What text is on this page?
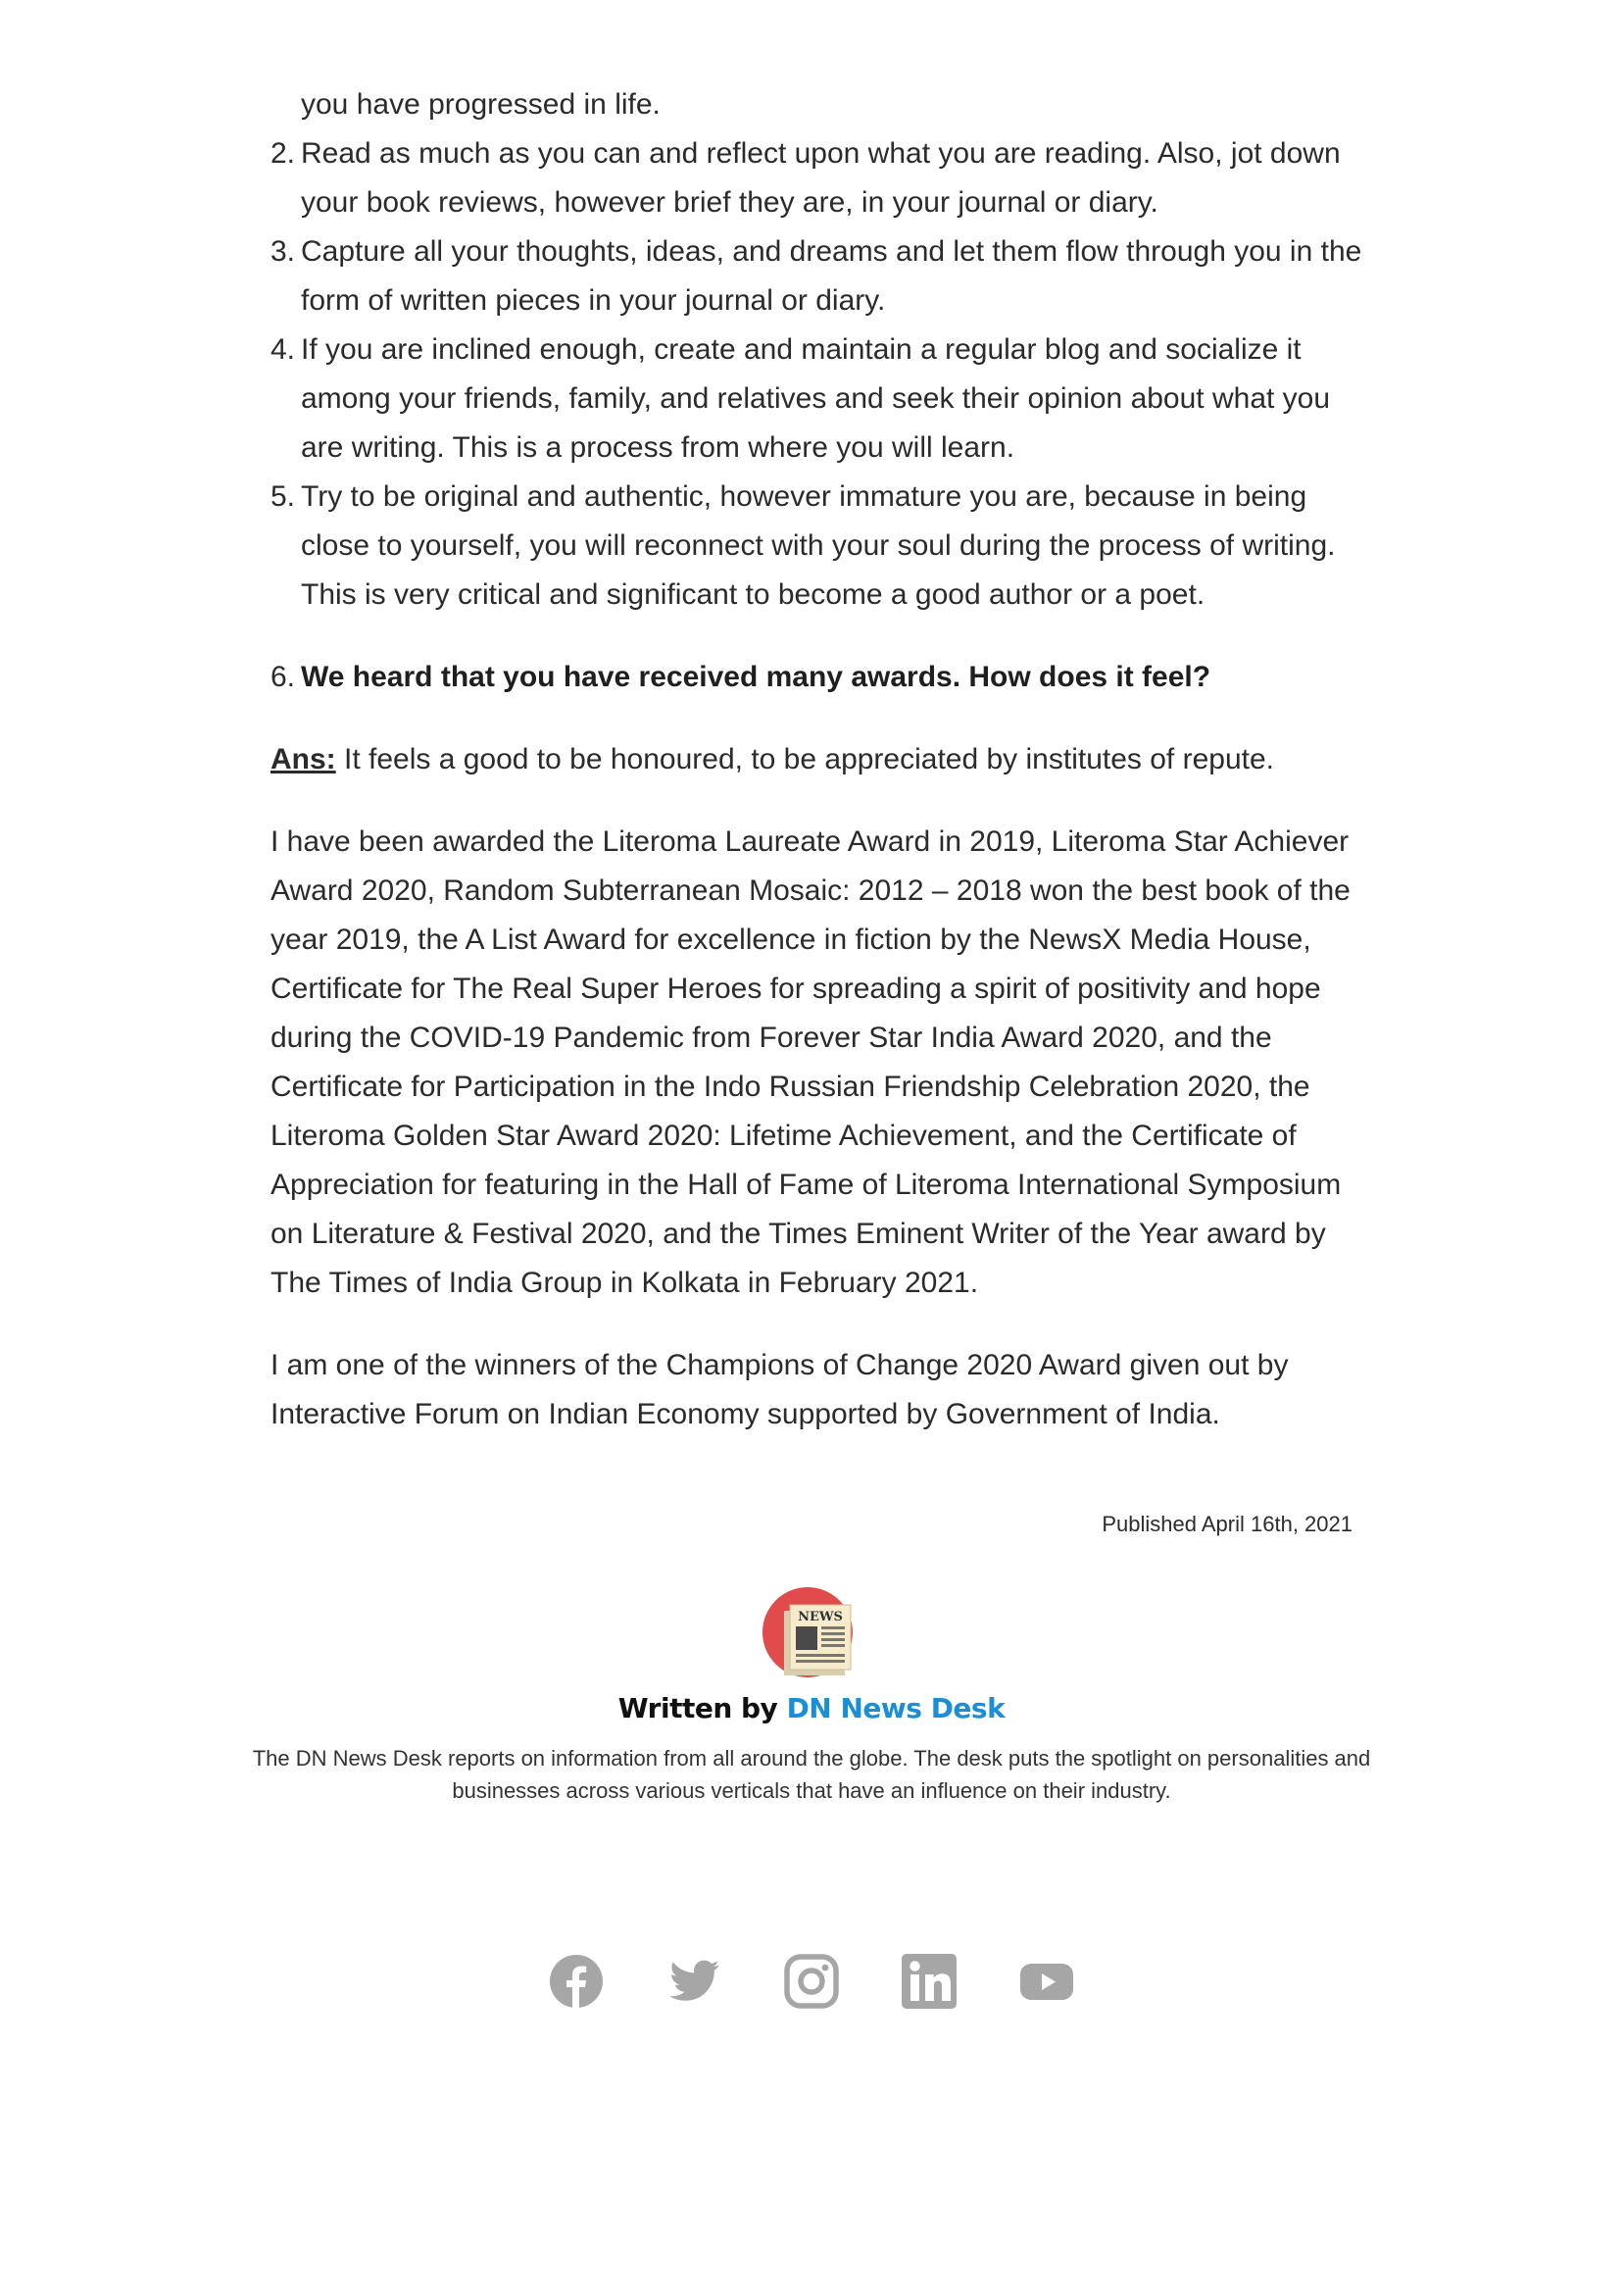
you have progressed in life.
2. Read as much as you can and reflect upon what you are reading. Also, jot down your book reviews, however brief they are, in your journal or diary.
3. Capture all your thoughts, ideas, and dreams and let them flow through you in the form of written pieces in your journal or diary.
4. If you are inclined enough, create and maintain a regular blog and socialize it among your friends, family, and relatives and seek their opinion about what you are writing. This is a process from where you will learn.
5. Try to be original and authentic, however immature you are, because in being close to yourself, you will reconnect with your soul during the process of writing. This is very critical and significant to become a good author or a poet.
6. We heard that you have received many awards. How does it feel?

Ans: It feels a good to be honoured, to be appreciated by institutes of repute.

I have been awarded the Literoma Laureate Award in 2019, Literoma Star Achiever Award 2020, Random Subterranean Mosaic: 2012 – 2018 won the best book of the year 2019, the A List Award for excellence in fiction by the NewsX Media House, Certificate for The Real Super Heroes for spreading a spirit of positivity and hope during the COVID-19 Pandemic from Forever Star India Award 2020, and the Certificate for Participation in the Indo Russian Friendship Celebration 2020, the Literoma Golden Star Award 2020: Lifetime Achievement, and the Certificate of Appreciation for featuring in the Hall of Fame of Literoma International Symposium on Literature & Festival 2020, and the Times Eminent Writer of the Year award by The Times of India Group in Kolkata in February 2021.

I am one of the winners of the Champions of Change 2020 Award given out by Interactive Forum on Indian Economy supported by Government of India.

Published April 16th, 2021
NEWS
Written by DN News Desk
The DN News Desk reports on information from all around the globe. The desk puts the spotlight on personalities and businesses across various verticals that have an influence on their industry.
